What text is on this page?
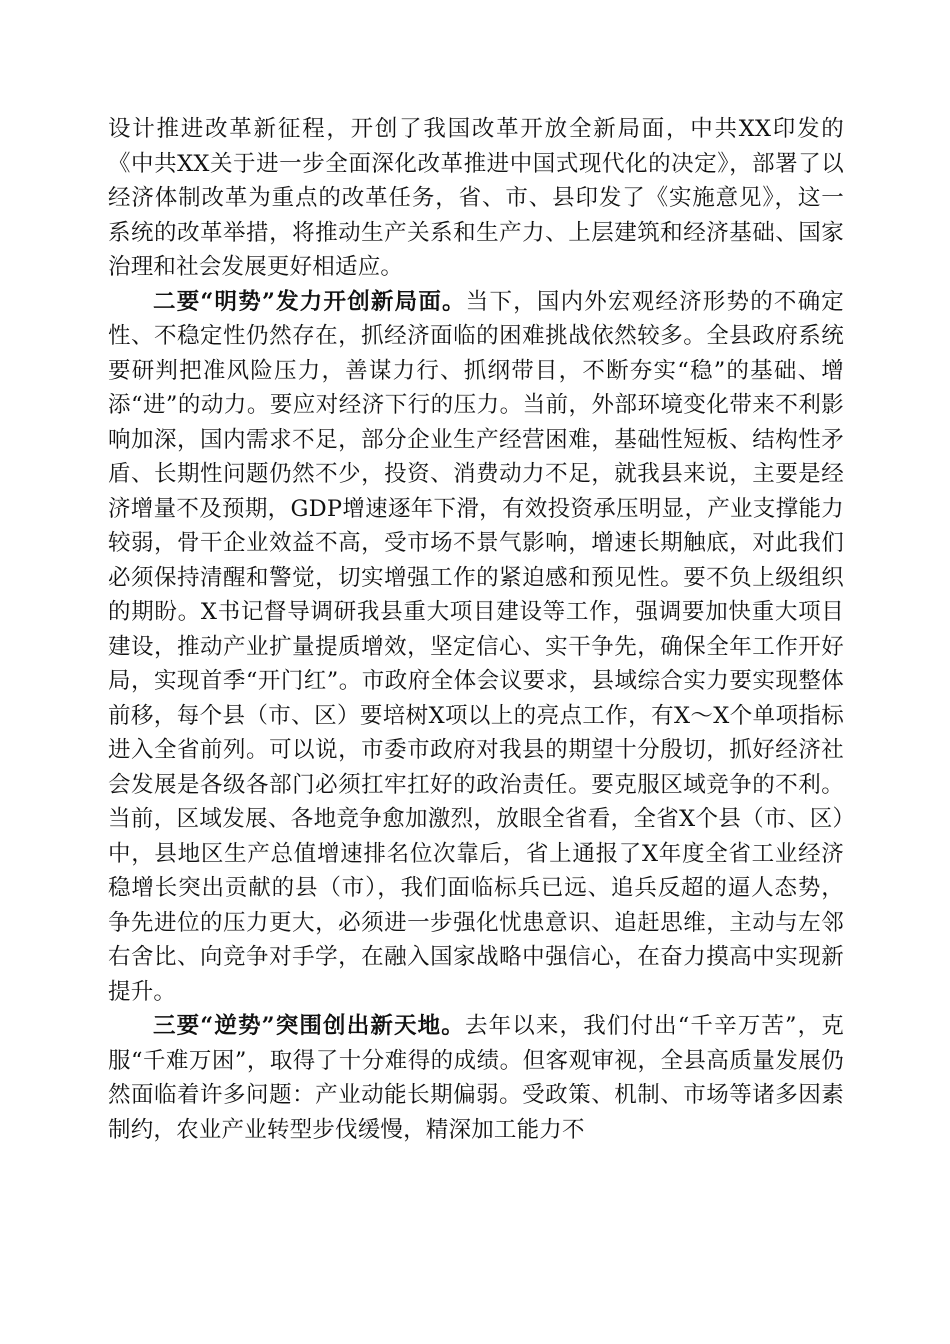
设计推进改革新征程，开创了我国改革开放全新局面，中共XX印发的《中共XX关于进一步全面深化改革推进中国式现代化的决定》，部署了以经济体制改革为重点的改革任务，省、市、县印发了《实施意见》，这一系统的改革举措，将推动生产关系和生产力、上层建筑和经济基础、国家治理和社会发展更好相适应。

二要“明势”发力开创新局面。当下，国内外宏观经济形势的不确定性、不稳定性仍然存在，抓经济面临的困难挑战依然较多。全县政府系统要研判把准风险压力，善谋力行、抓纲带目，不断夯实“稳”的基础、增添“进”的动力。要应对经济下行的压力。当前，外部环境变化带来不利影响加深，国内需求不足，部分企业生产经营困难，基础性短板、结构性矛盾、长期性问题仍然不少，投资、消费动力不足，就我县来说，主要是经济增量不及预期，GDP增速逐年下滑，有效投资承压明显，产业支撑能力较弱，骨干企业效益不高，受市场不景气影响，增速长期触底，对此我们必须保持清醒和警觉，切实增强工作的紧迫感和预见性。要不负上级组织的期盼。X书记督导调研我县重大项目建设等工作，强调要加快重大项目建设，推动产业扩量提质增效，坚定信心、实干争先，确保全年工作开好局，实现首季“开门红”。市政府全体会议要求，县域综合实力要实现整体前移，每个县（市、区）要培树X项以上的亮点工作，有X～X个单项指标进入全省前列。可以说，市委市政府对我县的期望十分殷切，抓好经济社会发展是各级各部门必须扛牢扛好的政治责任。要克服区域竞争的不利。当前，区域发展、各地竞争愈加激烈，放眼全省看，全省X个县（市、区）中，县地区生产总值增速排名位次靠后，省上通报了X年度全省工业经济稳增长突出贡献的县（市），我们面临标兵已远、追兵反超的逼人态势，争先进位的压力更大，必须进一步强化忧患意识、追赶思维，主动与左邻右舍比、向竞争对手学，在融入国家战略中强信心，在奋力摸高中实现新提升。

三要“逆势”突围创出新天地。去年以来，我们付出“千辛万苦”，克服“千难万困”，取得了十分难得的成绩。但客观审视，全县高质量发展仍然面临着许多问题：产业动能长期偏弱。受政策、机制、市场等诸多因素制约，农业产业转型步伐缓慢，精深加工能力不
